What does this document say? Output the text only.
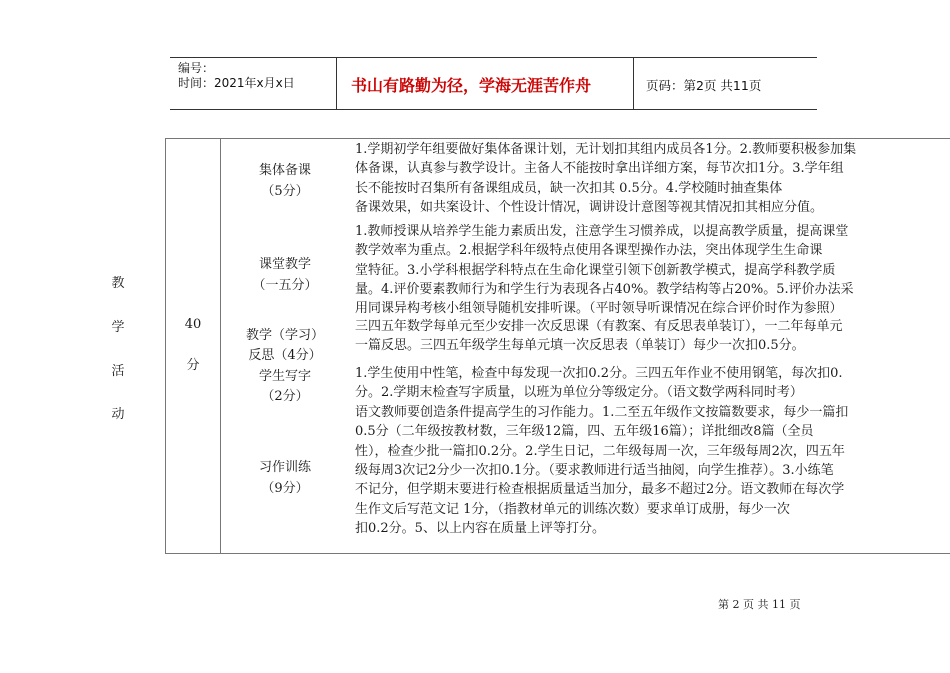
编号：
时间：2021年x月x日	书山有路勤为径，学海无涯苦作舟	页码：第2页 共11页
教
学
活
动
40
分
集体备课
（5分）
课堂教学
（一五分）
教学（学习）
反思（4分）
学生写字
（2分）
习作训练
（9分）
1.学期初学年组要做好集体备课计划，无计划扣其组内成员各1分。2.教师要积极参加集
体备课，认真参与教学设计。主备人不能按时拿出详细方案，每节次扣1分。3.学年组
长不能按时召集所有备课组成员，缺一次扣其 0.5分。4.学校随时抽查集体
备课效果，如共案设计、个性设计情况，调讲设计意图等视其情况扣其相应分值。
1.教师授课从培养学生能力素质出发，注意学生习惯养成，以提高教学质量，提高课堂
教学效率为重点。2.根据学科年级特点使用各课型操作办法，突出体现学生生命课
堂特征。3.小学科根据学科特点在生命化课堂引领下创新教学模式，提高学科教学质
量。4.评价要素教师行为和学生行为表现各占40%。教学结构等占20%。5.评价办法采
用同课异构考核小组领导随机安排听课。（平时领导听课情况在综合评价时作为参照）
三四五年数学每单元至少安排一次反思课（有教案、有反思表单装订），一二年每单元
一篇反思。三四五年级学生每单元填一次反思表（单装订）每少一次扣0.5分。
1.学生使用中性笔，检查中每发现一次扣0.2分。三四五年作业不使用钢笔，每次扣0.
分。2.学期末检查写字质量，以班为单位分等级定分。（语文数学两科同时考）
语文教师要创造条件提高学生的习作能力。1.二至五年级作文按篇数要求，每少一篇扣
0.5分（二年级按教材数，三年级12篇，四、五年级16篇）；详批细改8篇（全员
性），检查少批一篇扣0.2分。2.学生日记，二年级每周一次，三年级每周2次，四五年
级每周3次记2分少一次扣0.1分。（要求教师进行适当抽阅，向学生推荐）。3.小练笔
不记分，但学期末要进行检查根据质量适当加分，最多不超过2分。语文教师在每次学
生作文后写范文记 1分，（指教材单元的训练次数）要求单订成册，每少一次
扣0.2分。5、以上内容在质量上评等打分。
第 2 页 共 11 页
